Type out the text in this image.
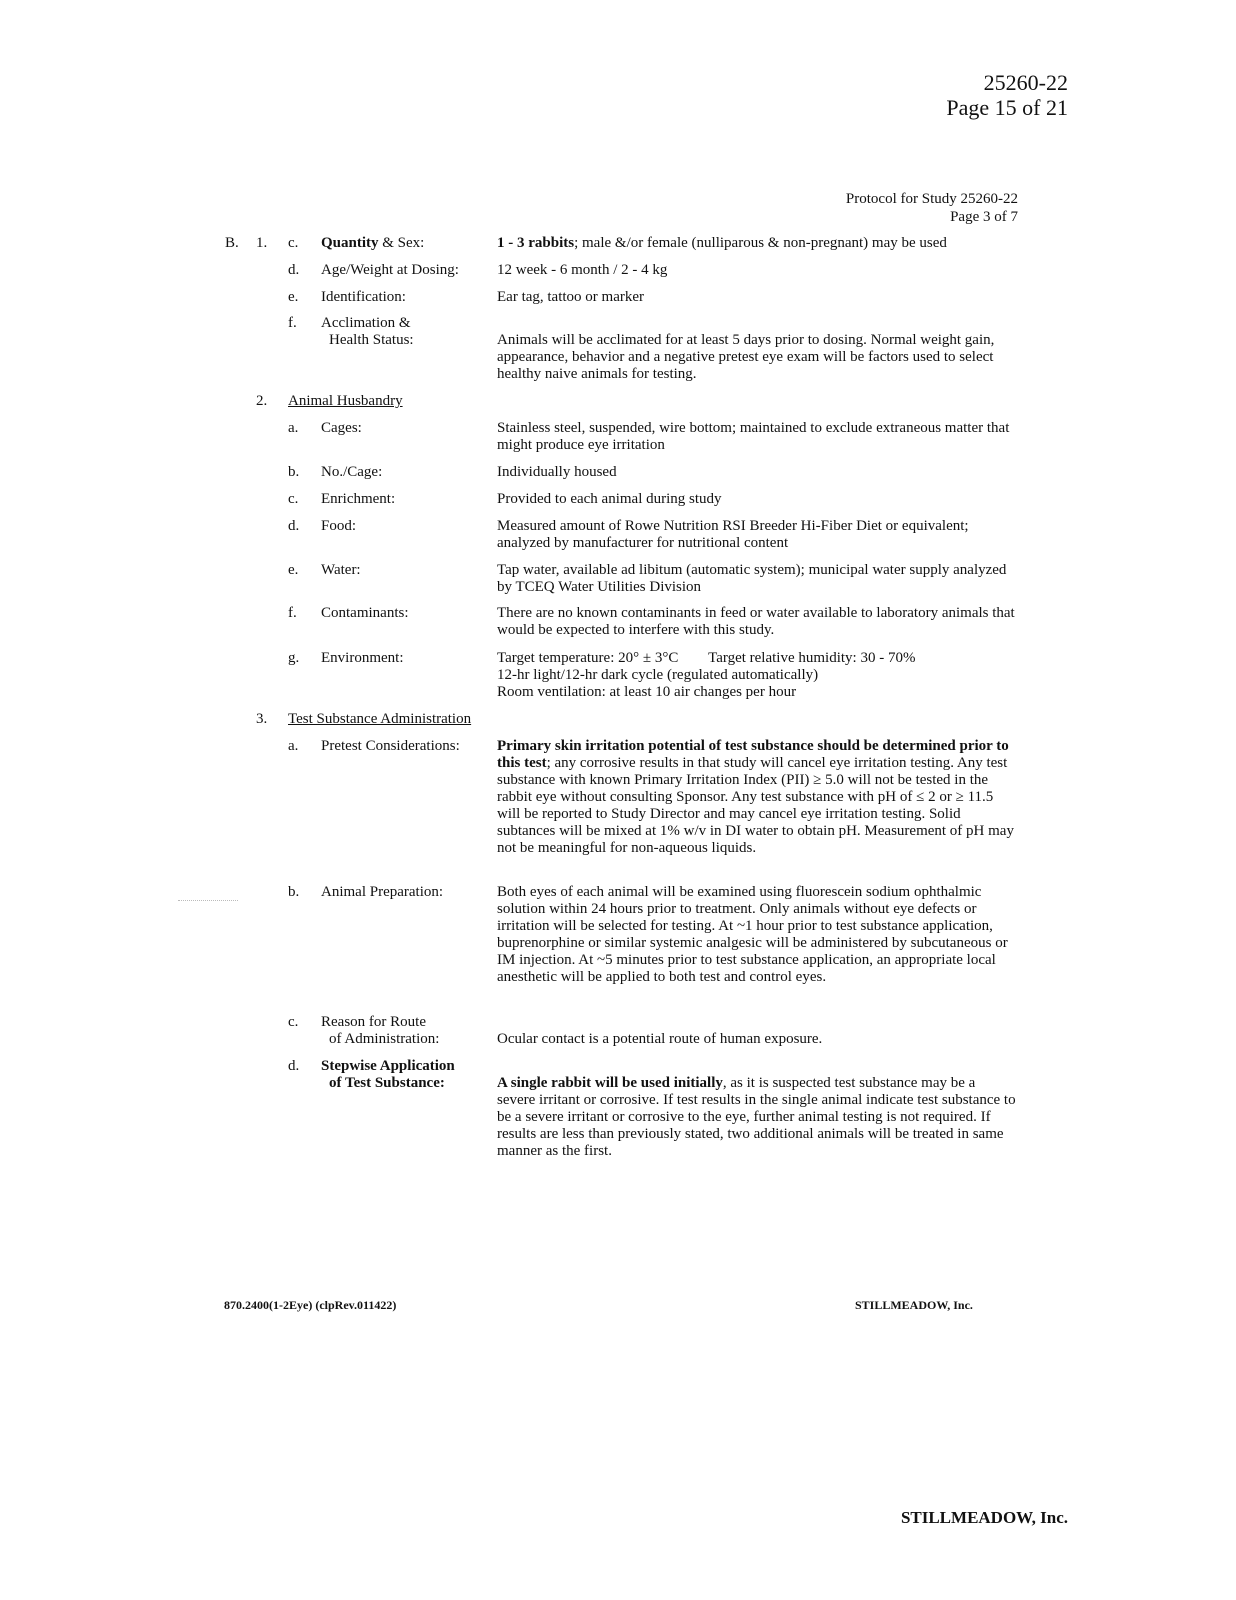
25260-22
Page 15 of 21
Protocol for Study 25260-22
Page 3 of 7
B. 1. c. Quantity & Sex:	1 - 3 rabbits; male &/or female (nulliparous & non-pregnant) may be used
d. Age/Weight at Dosing:	12 week - 6 month / 2 - 4 kg
e. Identification:	Ear tag, tattoo or marker
f. Acclimation &
Health Status:	Animals will be acclimated for at least 5 days prior to dosing. Normal weight gain, appearance, behavior and a negative pretest eye exam will be factors used to select healthy naive animals for testing.
2. Animal Husbandry
a. Cages:	Stainless steel, suspended, wire bottom; maintained to exclude extraneous matter that might produce eye irritation
b. No./Cage:	Individually housed
c. Enrichment:	Provided to each animal during study
d. Food:	Measured amount of Rowe Nutrition RSI Breeder Hi-Fiber Diet or equivalent; analyzed by manufacturer for nutritional content
e. Water:	Tap water, available ad libitum (automatic system); municipal water supply analyzed by TCEQ Water Utilities Division
f. Contaminants:	There are no known contaminants in feed or water available to laboratory animals that would be expected to interfere with this study.
g. Environment:	Target temperature: 20° ± 3°C        Target relative humidity: 30 - 70%
12-hr light/12-hr dark cycle (regulated automatically)
Room ventilation: at least 10 air changes per hour
3. Test Substance Administration
a. Pretest Considerations: Primary skin irritation potential of test substance should be determined prior to this test; any corrosive results in that study will cancel eye irritation testing. Any test substance with known Primary Irritation Index (PII) ≥ 5.0 will not be tested in the rabbit eye without consulting Sponsor. Any test substance with pH of ≤ 2 or ≥ 11.5 will be reported to Study Director and may cancel eye irritation testing. Solid subtances will be mixed at 1% w/v in DI water to obtain pH. Measurement of pH may not be meaningful for non-aqueous liquids.
b. Animal Preparation:	Both eyes of each animal will be examined using fluorescein sodium ophthalmic solution within 24 hours prior to treatment. Only animals without eye defects or irritation will be selected for testing. At ~1 hour prior to test substance application, buprenorphine or similar systemic analgesic will be administered by subcutaneous or IM injection. At ~5 minutes prior to test substance application, an appropriate local anesthetic will be applied to both test and control eyes.
c. Reason for Route
of Administration:	Ocular contact is a potential route of human exposure.
d. Stepwise Application
of Test Substance:	A single rabbit will be used initially, as it is suspected test substance may be a severe irritant or corrosive. If test results in the single animal indicate test substance to be a severe irritant or corrosive to the eye, further animal testing is not required. If results are less than previously stated, two additional animals will be treated in same manner as the first.
870.2400(1-2Eye) (clpRev.011422)	STILLMEADOW, Inc.
STILLMEADOW, Inc.
